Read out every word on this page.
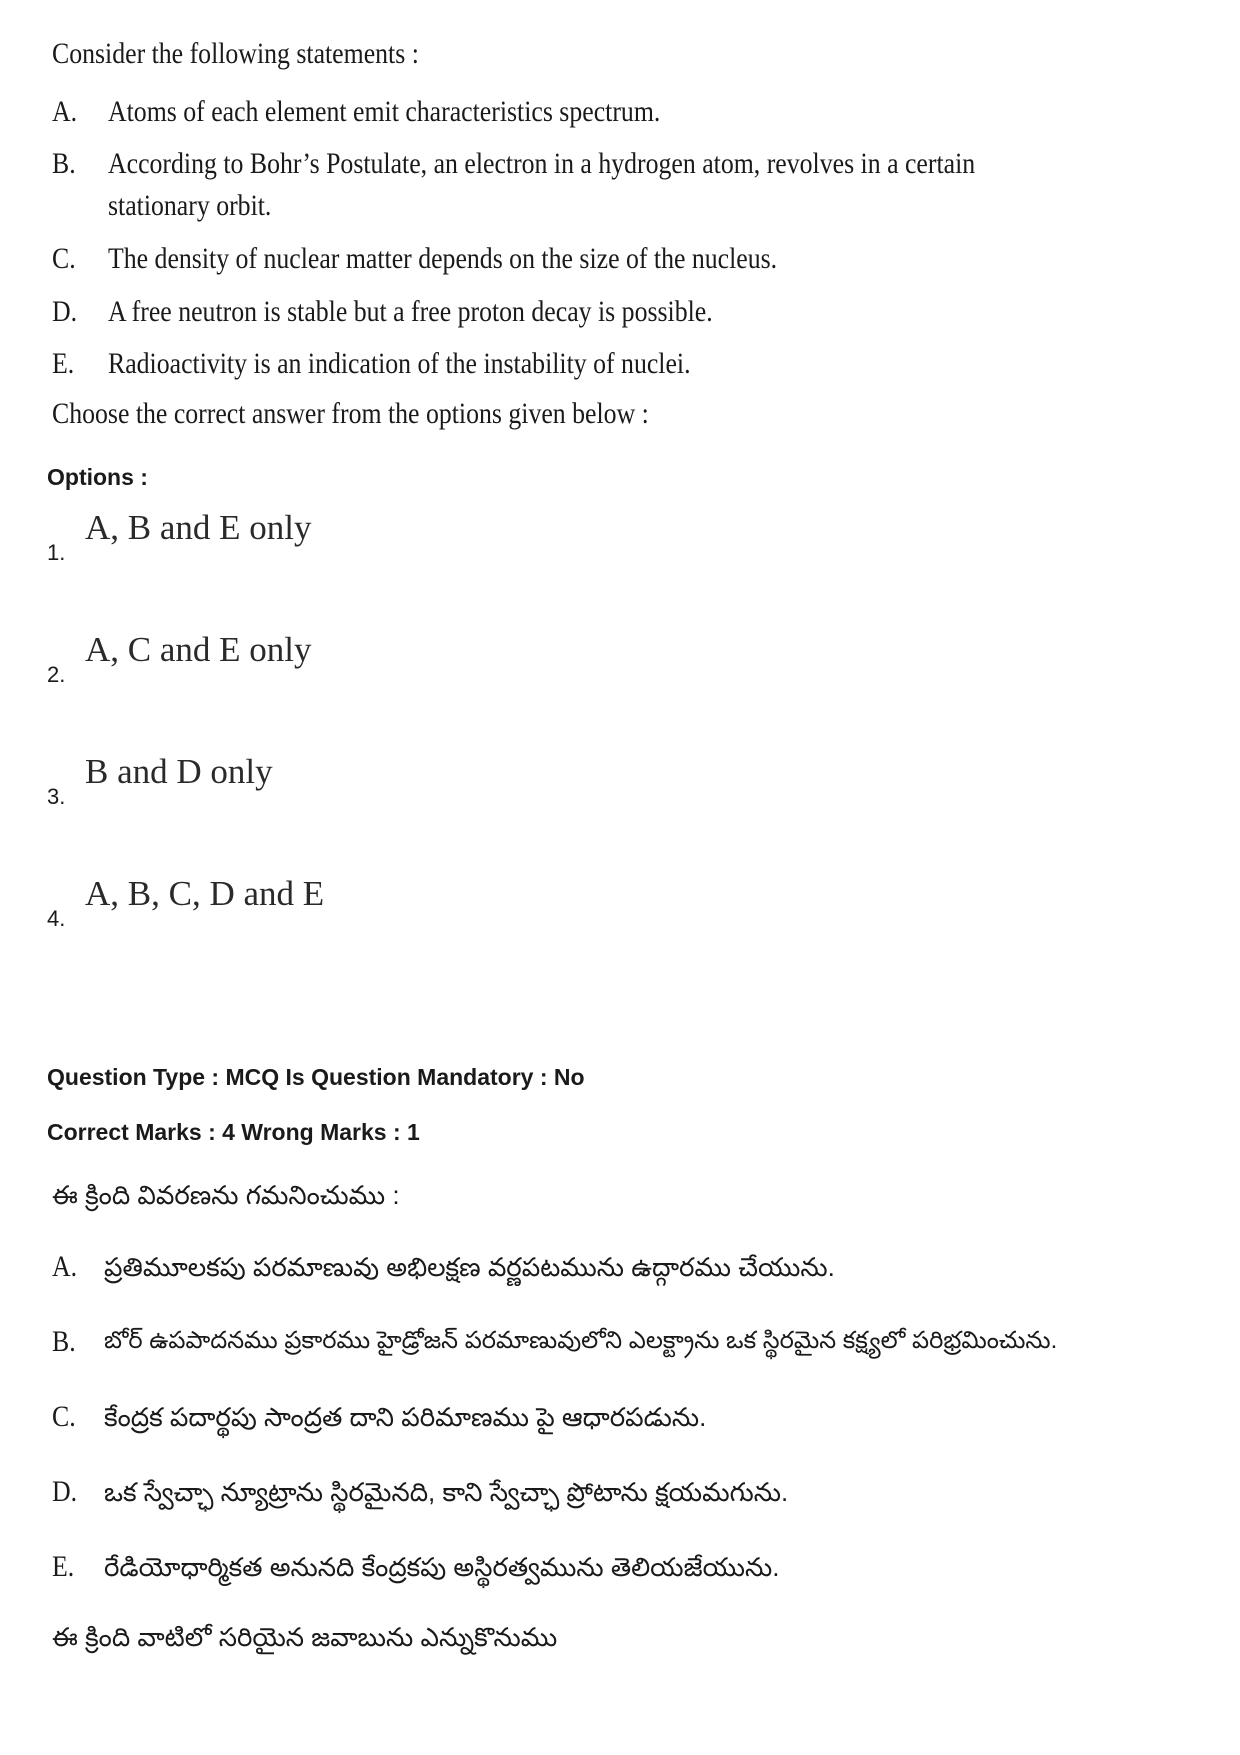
Consider the following statements :
A. Atoms of each element emit characteristics spectrum.
B. According to Bohr’s Postulate, an electron in a hydrogen atom, revolves in a certain
stationary orbit.
C. The density of nuclear matter depends on the size of the nucleus.
D. A free neutron is stable but a free proton decay is possible.
E. Radioactivity is an indication of the instability of nuclei.
Choose the correct answer from the options given below :
Options :
1.
A, B and E only
2.
A, C and E only
3.
B and D only
4.
A, B, C, D and E
Question Type : MCQ Is Question Mandatory : No
Correct Marks : 4 Wrong Marks : 1
ఈ క్రింది వివరణను గమనించుము :
A. ప్రతిమూలకపు పరమాణువు అభిలక్షణ వర్ణపటమును ఉద్గారము చేయును.
B. బోర్ ఉపపాదనము ప్రకారము హైడ్రోజన్ పరమాణువులోని ఎలక్ట్రాను ఒక స్థిరమైన కక్ష్యలో పరిభ్రమించును.
C. కేంద్రక పదార్థపు సాంద్రత దాని పరిమాణము పై ఆధారపడును.
D. ఒక స్వేచ్ఛా న్యూట్రాను స్థిరమైనది, కాని స్వేచ్ఛా ప్రోటాను క్షయమగును.
E. రేడియోధార్మికత అనునది కేంద్రకపు అస్థిరత్వమును తెలియజేయును.
ఈ క్రింది వాటిలో సరియైన జవాబును ఎన్నుకొనుము
